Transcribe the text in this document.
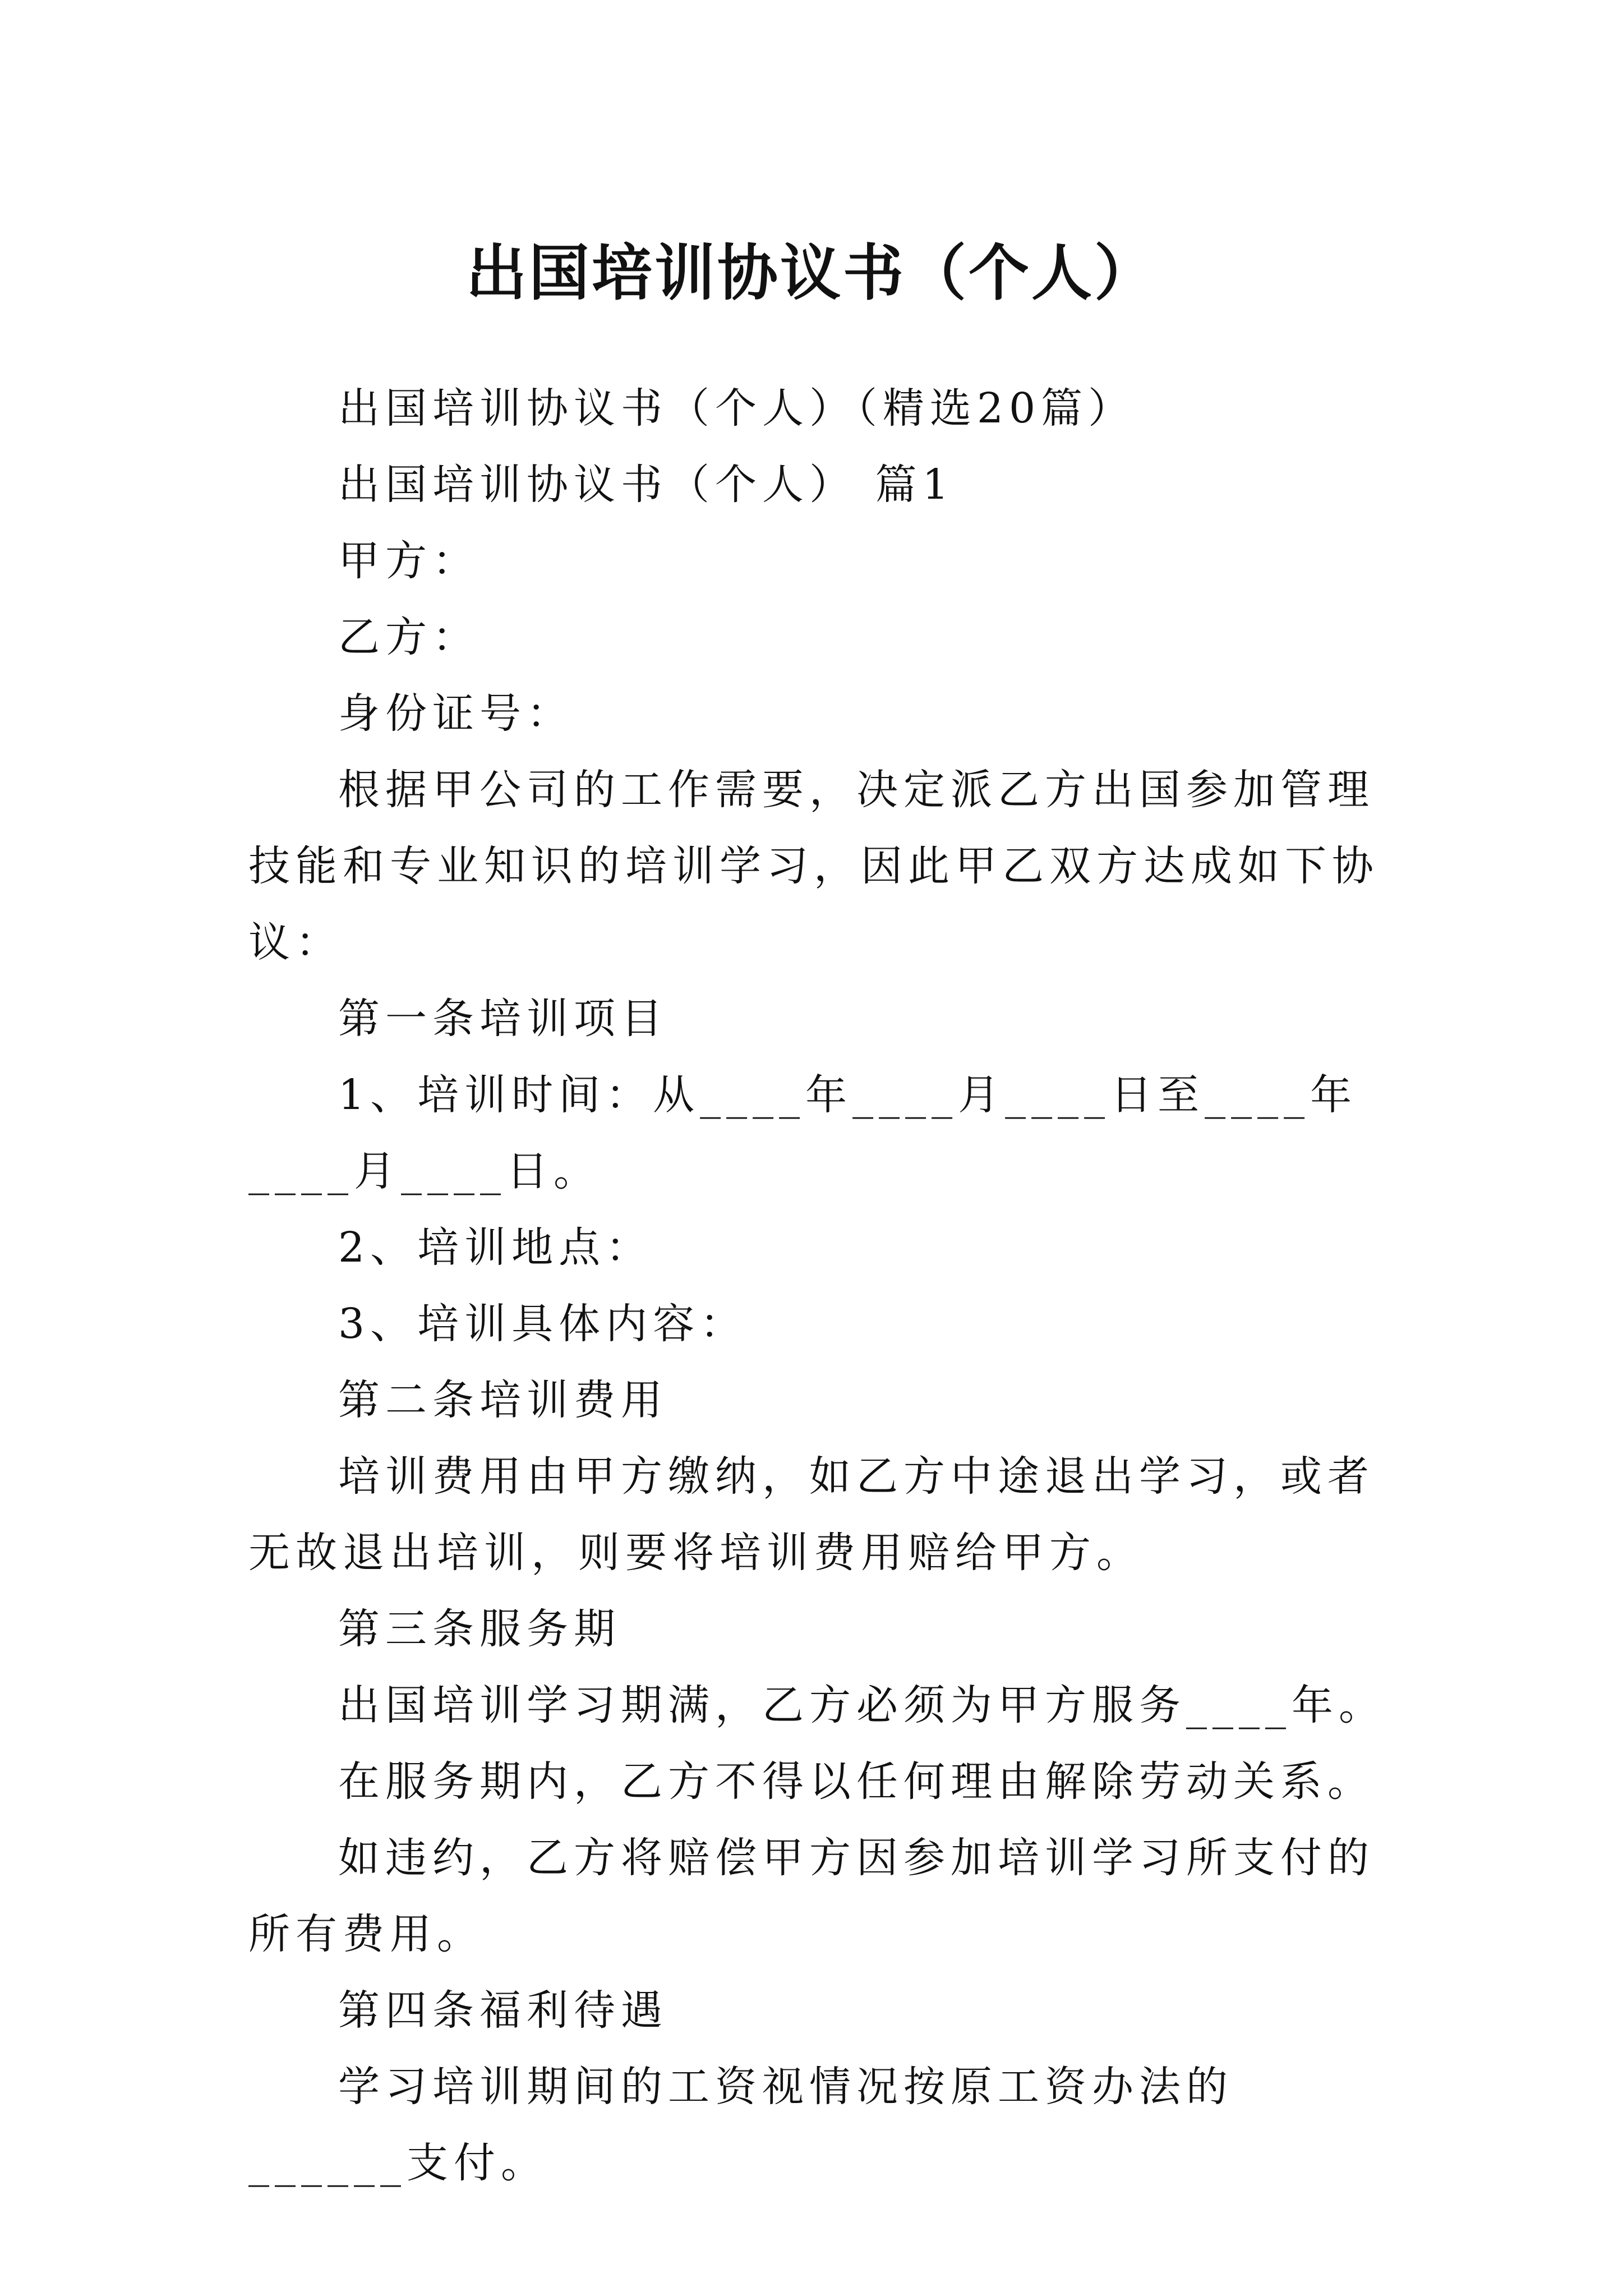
出国培训协议书（个人）

出国培训协议书（个人）（精选20篇）

出国培训协议书（个人） 篇1

甲方：

乙方：

身份证号：

根据甲公司的工作需要，决定派乙方出国参加管理技能和专业知识的培训学习，因此甲乙双方达成如下协议：

第一条培训项目

1、培训时间：从____年____月____日至____年____月____日。

2、培训地点：

3、培训具体内容：

第二条培训费用

培训费用由甲方缴纳，如乙方中途退出学习，或者无故退出培训，则要将培训费用赔给甲方。

第三条服务期

出国培训学习期满，乙方必须为甲方服务____年。

在服务期内，乙方不得以任何理由解除劳动关系。

如违约，乙方将赔偿甲方因参加培训学习所支付的所有费用。

第四条福利待遇

学习培训期间的工资视情况按原工资办法的______支付。
